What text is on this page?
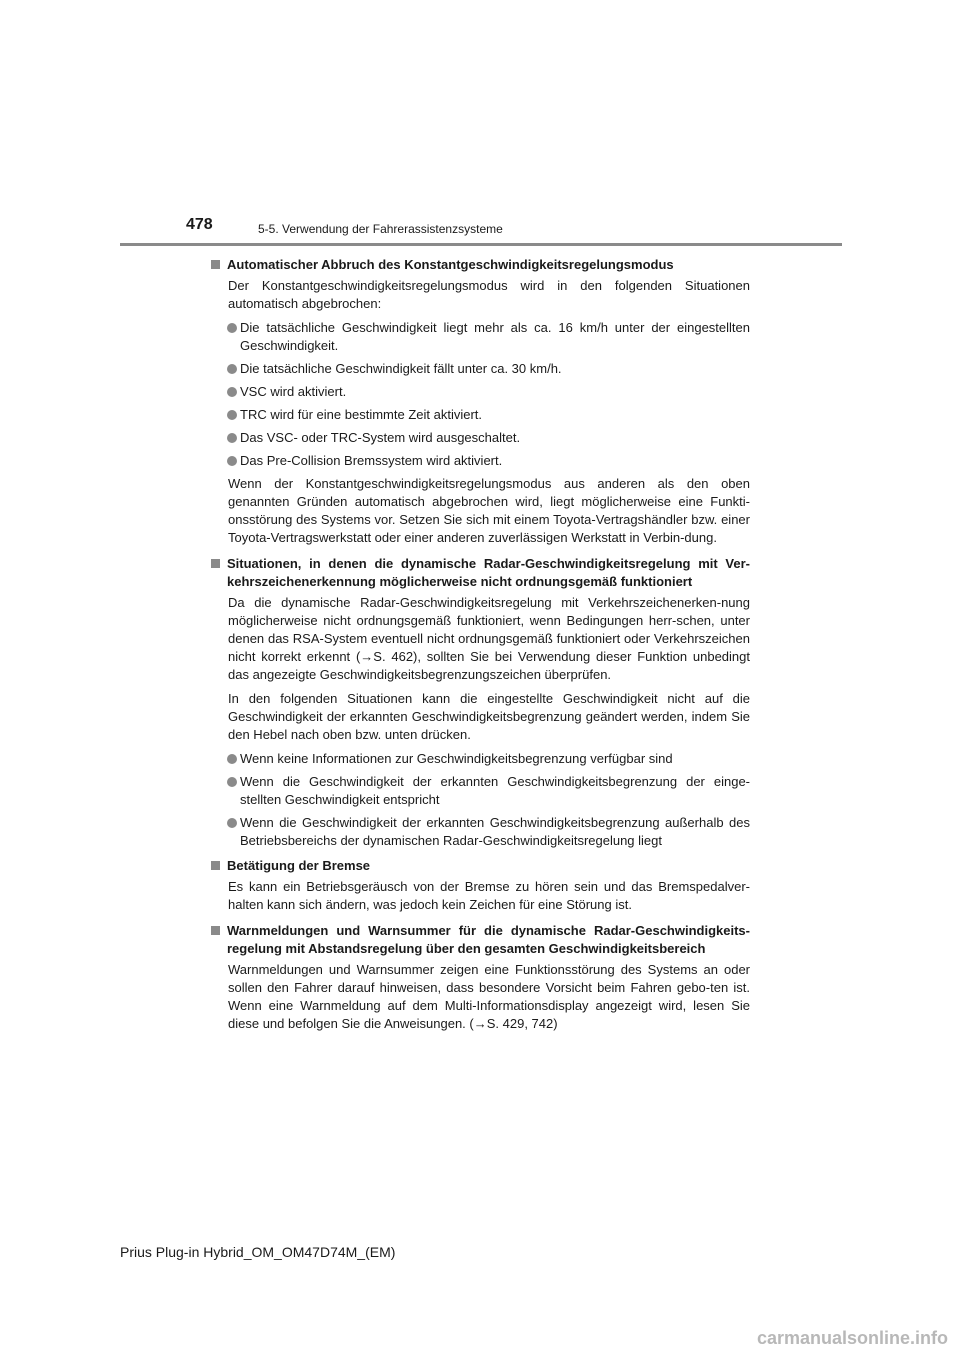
478	5-5. Verwendung der Fahrerassistenzsysteme
Automatischer Abbruch des Konstantgeschwindigkeitsregelungsmodus
Der Konstantgeschwindigkeitsregelungsmodus wird in den folgenden Situationen automatisch abgebrochen:
Die tatsächliche Geschwindigkeit liegt mehr als ca. 16 km/h unter der eingestellten Geschwindigkeit.
Die tatsächliche Geschwindigkeit fällt unter ca. 30 km/h.
VSC wird aktiviert.
TRC wird für eine bestimmte Zeit aktiviert.
Das VSC- oder TRC-System wird ausgeschaltet.
Das Pre-Collision Bremssystem wird aktiviert.
Wenn der Konstantgeschwindigkeitsregelungsmodus aus anderen als den oben genannten Gründen automatisch abgebrochen wird, liegt möglicherweise eine Funkti-onsstörung des Systems vor. Setzen Sie sich mit einem Toyota-Vertragshändler bzw. einer Toyota-Vertragswerkstatt oder einer anderen zuverlässigen Werkstatt in Verbin-dung.
Situationen, in denen die dynamische Radar-Geschwindigkeitsregelung mit Ver-kehrszeichenerkennung möglicherweise nicht ordnungsgemäß funktioniert
Da die dynamische Radar-Geschwindigkeitsregelung mit Verkehrszeichenerken-nung möglicherweise nicht ordnungsgemäß funktioniert, wenn Bedingungen herr-schen, unter denen das RSA-System eventuell nicht ordnungsgemäß funktioniert oder Verkehrszeichen nicht korrekt erkennt (→S. 462), sollten Sie bei Verwendung dieser Funktion unbedingt das angezeigte Geschwindigkeitsbegrenzungszeichen überprüfen.
In den folgenden Situationen kann die eingestellte Geschwindigkeit nicht auf die Geschwindigkeit der erkannten Geschwindigkeitsbegrenzung geändert werden, indem Sie den Hebel nach oben bzw. unten drücken.
Wenn keine Informationen zur Geschwindigkeitsbegrenzung verfügbar sind
Wenn die Geschwindigkeit der erkannten Geschwindigkeitsbegrenzung der einge-stellten Geschwindigkeit entspricht
Wenn die Geschwindigkeit der erkannten Geschwindigkeitsbegrenzung außerhalb des Betriebsbereichs der dynamischen Radar-Geschwindigkeitsregelung liegt
Betätigung der Bremse
Es kann ein Betriebsgeräusch von der Bremse zu hören sein und das Bremspedalver-halten kann sich ändern, was jedoch kein Zeichen für eine Störung ist.
Warnmeldungen und Warnsummer für die dynamische Radar-Geschwindigkeits-regelung mit Abstandsregelung über den gesamten Geschwindigkeitsbereich
Warnmeldungen und Warnsummer zeigen eine Funktionsstörung des Systems an oder sollen den Fahrer darauf hinweisen, dass besondere Vorsicht beim Fahren gebo-ten ist. Wenn eine Warnmeldung auf dem Multi-Informationsdisplay angezeigt wird, lesen Sie diese und befolgen Sie die Anweisungen. (→S. 429, 742)
Prius Plug-in Hybrid_OM_OM47D74M_(EM)
carmanualsonline.info
